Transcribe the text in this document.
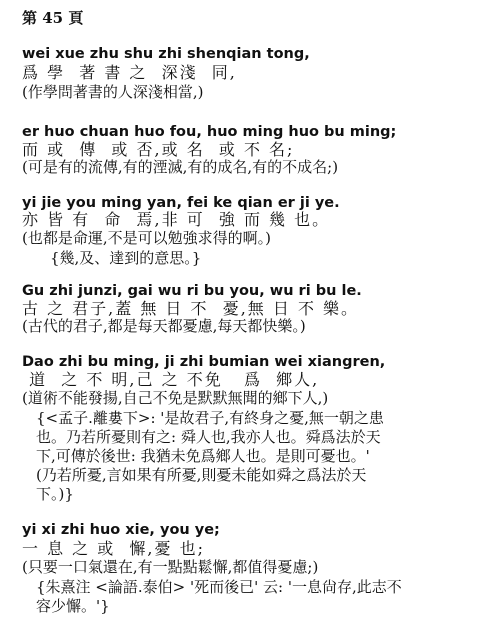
第 45 頁
wei xue zhu shu zhi shenqian tong,
爲 學  著 書 之  深淺  同,
(作學問著書的人深淺相當,)
er huo chuan huo fou, huo ming huo bu ming;
而 或  傳  或 否,或 名  或 不 名;
(可是有的流傳,有的湮滅,有的成名,有的不成名;)
yi jie you ming yan, fei ke qian er ji ye.
亦 皆 有  命  焉,非 可  強 而 幾 也。
(也都是命運,不是可以勉強求得的啊。)
{幾,及、達到的意思。}
Gu zhi junzi, gai wu ri bu you, wu ri bu le.
古 之 君子,蓋 無 日 不  憂,無 日 不 樂。
(古代的君子,都是每天都憂慮,每天都快樂。)
Dao zhi bu ming, ji zhi bumian wei xiangren,
道  之 不 明,己 之 不免   爲  鄉人,
(道術不能發揚,自己不免是默默無聞的鄉下人,)
{<孟子.離婁下>: '是故君子,有終身之憂,無一朝之患
也。乃若所憂則有之: 舜人也,我亦人也。舜爲法於天
下,可傳於後世: 我猶未免爲鄉人也。是則可憂也。'
(乃若所憂,言如果有所憂,則憂未能如舜之爲法於天
下。)}
yi xi zhi huo xie, you ye;
一 息 之 或  懈,憂 也;
(只要一口氣還在,有一點點鬆懈,都值得憂慮;)
{朱熹注 <論語.泰伯> '死而後已' 云: '一息尙存,此志不
容少懈。'}
